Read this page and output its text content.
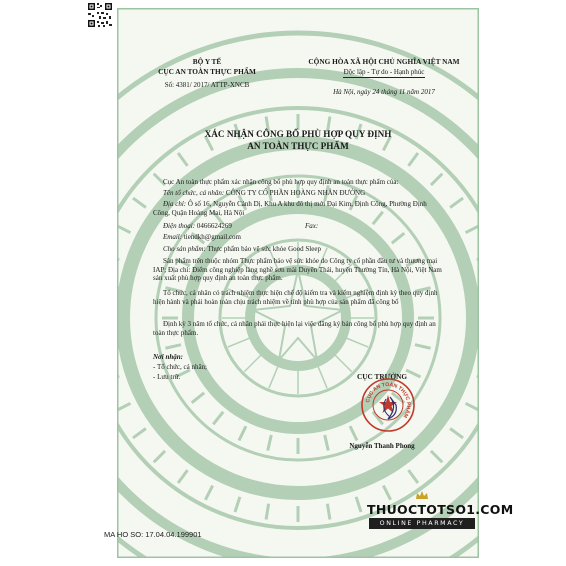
BỘ Y TẾ
CỤC AN TOÀN THỰC PHẨM
Số: 4381/ 2017/ ATTP-XNCB
CỘNG HÒA XÃ HỘI CHỦ NGHĨA VIỆT NAM
Độc lập - Tự do - Hạnh phúc
Hà Nội, ngày 24 tháng 11 năm 2017
XÁC NHẬN CÔNG BỐ PHÙ HỢP QUY ĐỊNH
AN TOÀN THỰC PHẨM
Cục An toàn thực phẩm xác nhận công bố phù hợp quy định an toàn thực phẩm của:
Tên tổ chức, cá nhân: CÔNG TY CỔ PHẦN HOÀNG NHÂN ĐƯỜNG
Địa chỉ: Ô số 16, Nguyễn Cảnh Dị, Khu A khu đô thị mới Đại Kim, Định Công, Phường Định Công, Quận Hoàng Mai, Hà Nội
Điện thoại: 0466624269	Fax:
Email: tiendkh@gmail.com
Cho sản phẩm: Thực phẩm bảo vệ sức khỏe Good Sleep
Sản phẩm trên thuộc nhóm Thực phẩm bảo vệ sức khỏe do Công ty cổ phần đầu tư và thương mại IAP; Địa chỉ: Điểm công nghiệp làng nghề sơn mài Duyên Thái, huyện Thường Tín, Hà Nội, Việt Nam sản xuất phù hợp quy định an toàn thực phẩm.
Tổ chức, cá nhân có trách nhiệm thực hiện chế độ kiểm tra và kiểm nghiệm định kỳ theo quy định hiện hành và phải hoàn toàn chịu trách nhiệm về tính phù hợp của sản phẩm đã công bố
Định kỳ 3 năm tổ chức, cá nhân phải thực hiện lại việc đăng ký bản công bố phù hợp quy định an toàn thực phẩm.
Nơi nhận:
- Tổ chức, cá nhân;
- Lưu trữ.	CỤC TRƯỞNG
Nguyễn Thanh Phong
CỤC AN TOÀN THỰC PHẨM
MA HO SO: 17.04.04.199901
THUOCTOTSO1.COM
ONLINE PHARMACY
